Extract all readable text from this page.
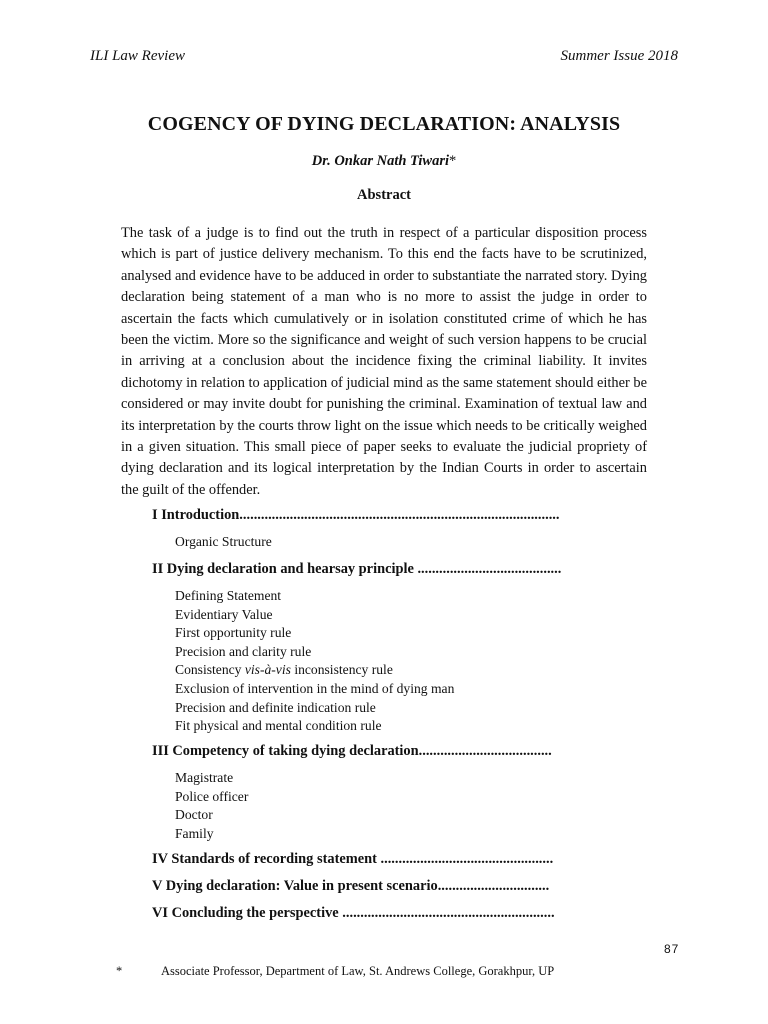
ILI Law Review	Summer Issue 2018
COGENCY OF DYING DECLARATION: ANALYSIS
Dr. Onkar Nath Tiwari*
Abstract

The task of a judge is to find out the truth in respect of a particular disposition process which is part of justice delivery mechanism. To this end the facts have to be scrutinized, analysed and evidence have to be adduced in order to substantiate the narrated story. Dying declaration being statement of a man who is no more to assist the judge in order to ascertain the facts which cumulatively or in isolation constituted crime of which he has been the victim. More so the significance and weight of such version happens to be crucial in arriving at a conclusion about the incidence fixing the criminal liability. It invites dichotomy in relation to application of judicial mind as the same statement should either be considered or may invite doubt for punishing the criminal. Examination of textual law and its interpretation by the courts throw light on the issue which needs to be critically weighed in a given situation. This small piece of paper seeks to evaluate the judicial propriety of dying declaration and its logical interpretation by the Indian Courts in order to ascertain the guilt of the offender.

I Introduction.........................................................................................
Organic Structure
II Dying declaration and hearsay principle ........................................
Defining Statement
Evidentiary Value
First opportunity rule
Precision and clarity rule
Consistency vis-à-vis inconsistency rule
Exclusion of intervention in the mind of dying man
Precision and definite indication rule
Fit physical and mental condition rule
III Competency of taking dying declaration.....................................
Magistrate
Police officer
Doctor
Family
IV Standards of recording statement ................................................
V Dying declaration: Value in present scenario...............................
VI Concluding the perspective ...........................................................
87
*	Associate Professor, Department of Law, St. Andrews College, Gorakhpur, UP
